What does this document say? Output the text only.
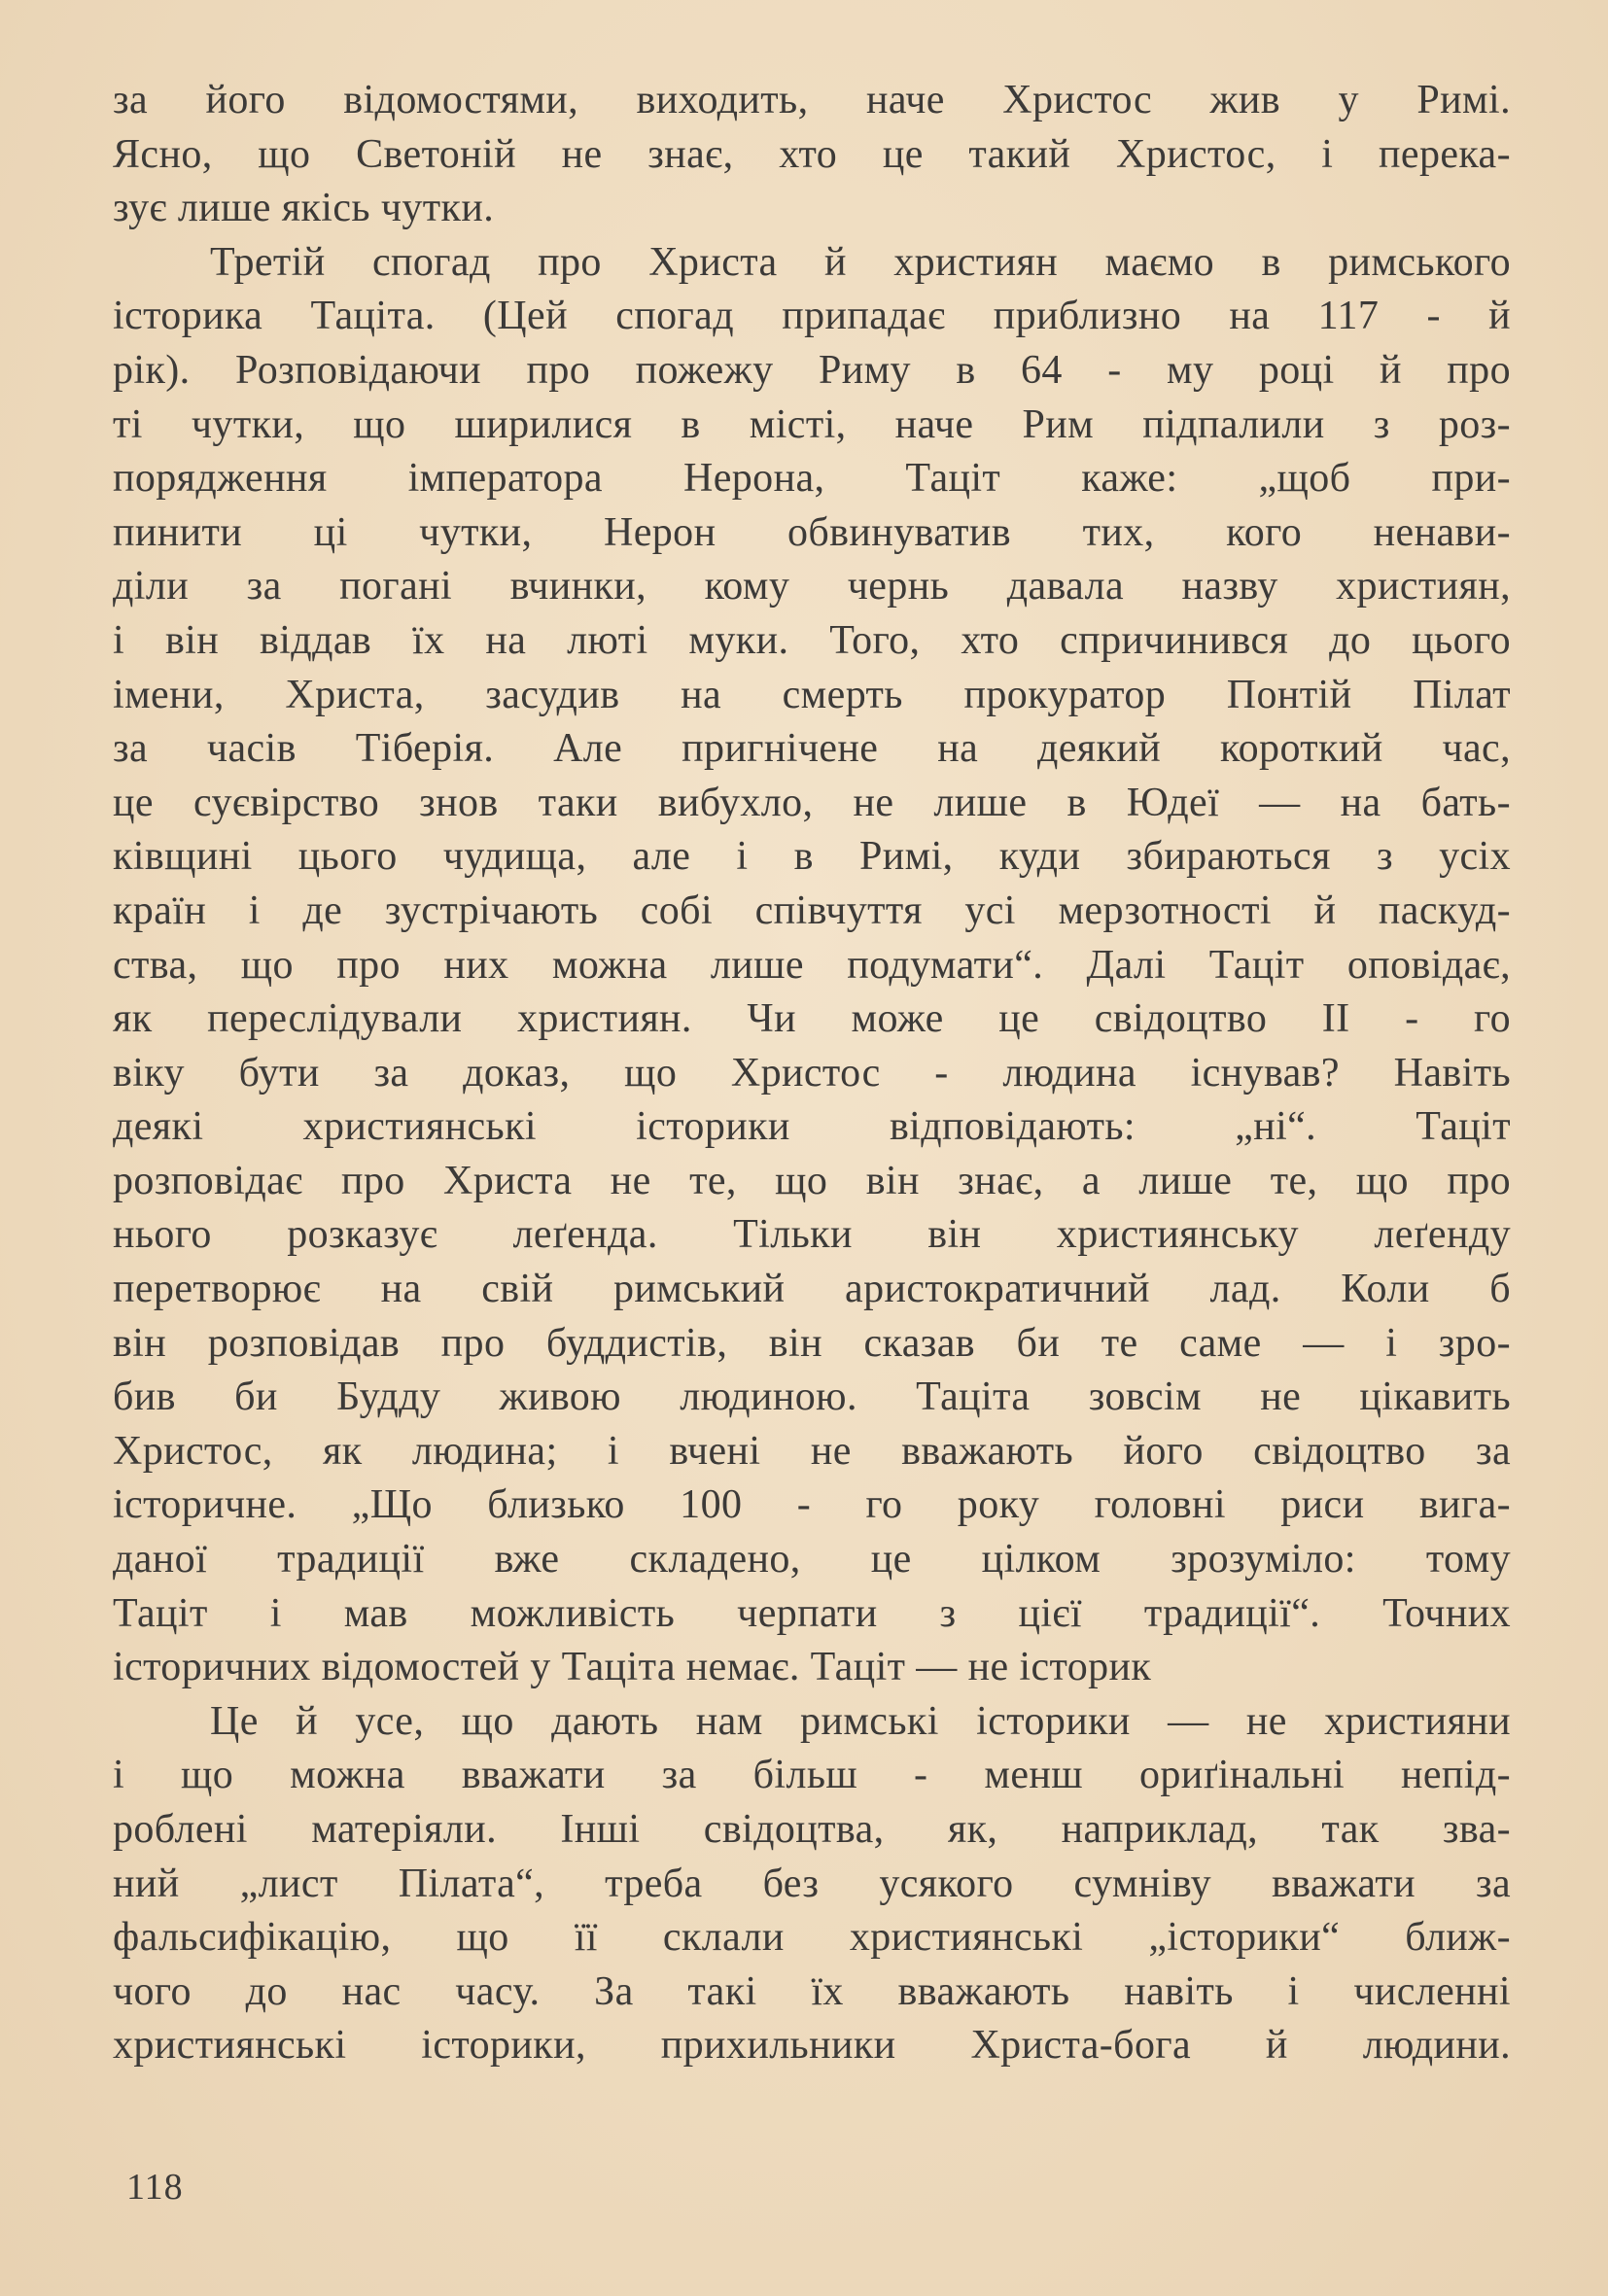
за його відомостями, виходить, наче Христос жив у Римі.
Ясно, що Светоній не знає, хто це такий Христос, і перека-
зує лише якісь чутки.
Третій спогад про Христа й християн маємо в римського
історика Таціта. (Цей спогад припадає приблизно на 117 - й
рік). Розповідаючи про пожежу Риму в 64 - му році й про
ті чутки, що ширилися в місті, наче Рим підпалили з роз-
порядження імператора Нерона, Таціт каже: „щоб при-
пинити ці чутки, Нерон обвинуватив тих, кого ненави-
діли за погані вчинки, кому чернь давала назву християн,
і він віддав їх на люті муки. Того, хто спричинився до цього
імени, Христа, засудив на смерть прокуратор Понтій Пілат
за часів Тіберія. Але пригнічене на деякий короткий час,
це суєвірство знов таки вибухло, не лише в Юдеї — на бать-
ківщині цього чудища, але і в Римі, куди збираються з усіх
країн і де зустрічають собі співчуття усі мерзотності й паскуд-
ства, що про них можна лише подумати“. Далі Таціт оповідає,
як переслідували християн. Чи може це свідоцтво II - го
віку бути за доказ, що Христос - людина існував? Навіть
деякі християнські історики відповідають: „ні“. Таціт
розповідає про Христа не те, що він знає, а лише те, що про
нього розказує леґенда. Тільки він християнську леґенду
перетворює на свій римський аристократичний лад. Коли б
він розповідав про буддистів, він сказав би те саме — і зро-
бив би Будду живою людиною. Таціта зовсім не цікавить
Христос, як людина; і вчені не вважають його свідоцтво за
історичне. „Що близько 100 - го року головні риси вига-
даної традиції вже складено, це цілком зрозуміло: тому
Таціт і мав можливість черпати з цієї традиції“. Точних
історичних відомостей у Таціта немає. Таціт — не історик
Це й усе, що дають нам римські історики — не християни
і що можна вважати за більш - менш ориґінальні непід-
роблені матеріяли. Інші свідоцтва, як, наприклад, так зва-
ний „лист Пілата“, треба без усякого сумніву вважати за
фальсифікацію, що її склали християнські „історики“ ближ-
чого до нас часу. За такі їх вважають навіть і численні
християнські історики, прихильники Христа-бога й людини.
118
